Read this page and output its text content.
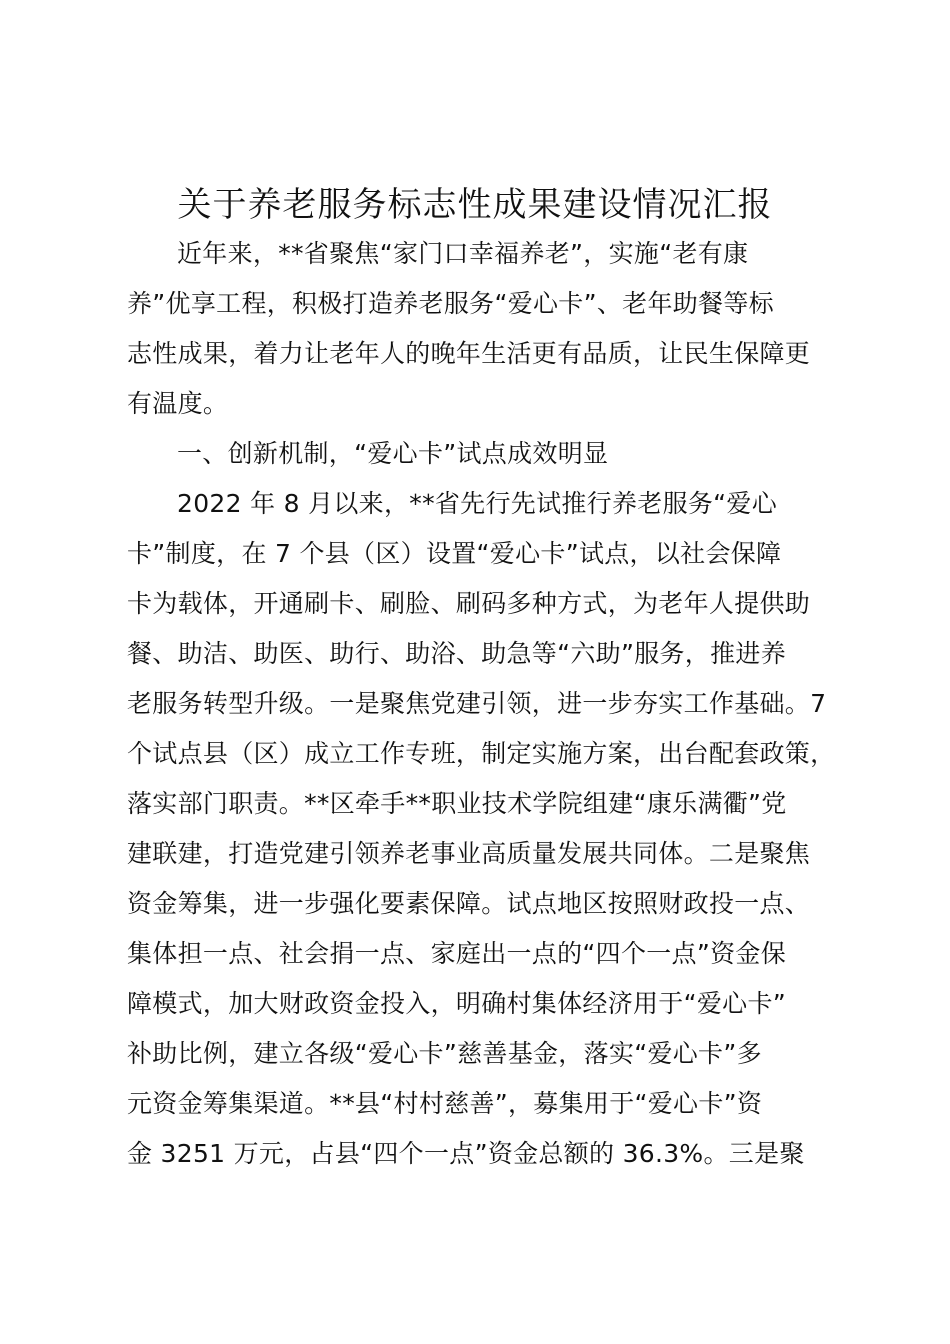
关于养老服务标志性成果建设情况汇报
近年来，**省聚焦“家门口幸福养老”，实施“老有康
养”优享工程，积极打造养老服务“爱心卡”、老年助餐等标
志性成果，着力让老年人的晚年生活更有品质，让民生保障更
有温度。
一、创新机制，“爱心卡”试点成效明显
2022 年 8 月以来，**省先行先试推行养老服务“爱心
卡”制度，在 7 个县（区）设置“爱心卡”试点，以社会保障
卡为载体，开通刷卡、刷脸、刷码多种方式，为老年人提供助
餐、助洁、助医、助行、助浴、助急等“六助”服务，推进养
老服务转型升级。一是聚焦党建引领，进一步夯实工作基础。7
个试点县（区）成立工作专班，制定实施方案，出台配套政策，
落实部门职责。**区牵手**职业技术学院组建“康乐满衢”党
建联建，打造党建引领养老事业高质量发展共同体。二是聚焦
资金筹集，进一步强化要素保障。试点地区按照财政投一点、
集体担一点、社会捐一点、家庭出一点的“四个一点”资金保
障模式，加大财政资金投入，明确村集体经济用于“爱心卡”
补助比例，建立各级“爱心卡”慈善基金，落实“爱心卡”多
元资金筹集渠道。**县“村村慈善”，募集用于“爱心卡”资
金 3251 万元，占县“四个一点”资金总额的 36.3%。三是聚
